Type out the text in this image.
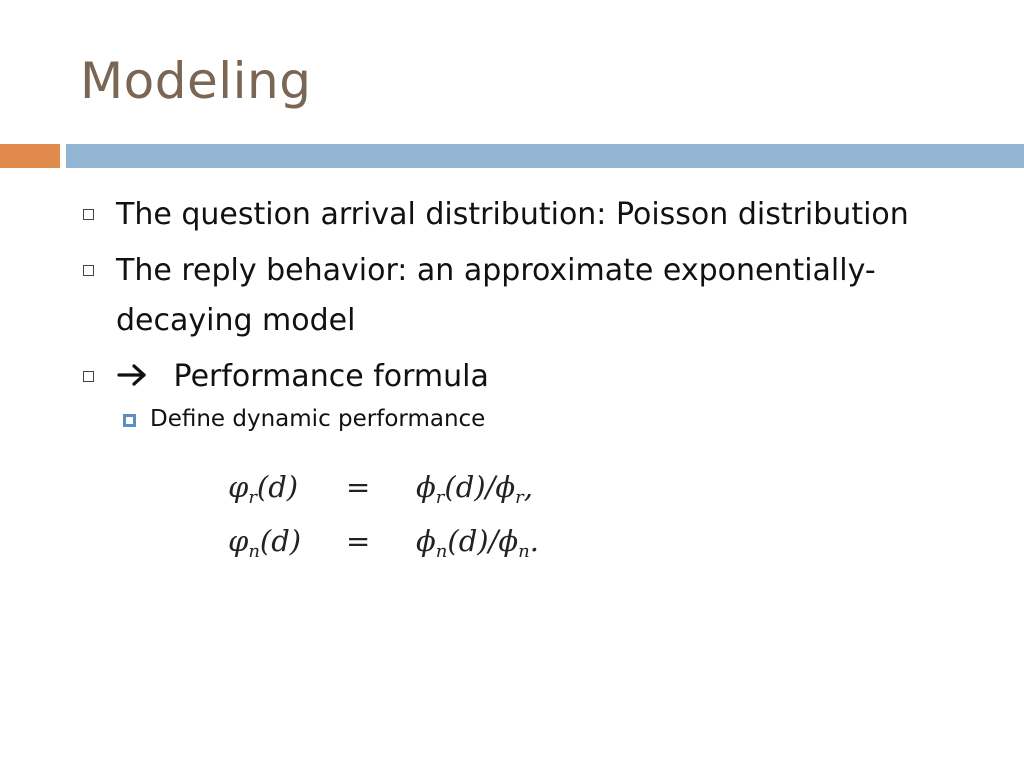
Modeling
The question arrival distribution: Poisson distribution
The reply behavior: an approximate exponentially-decaying model
Performance formula
Define dynamic performance
$\varphi_r(d)$	=	$\phi_r(d)/\phi_r$,
$\varphi_n(d)$	=	$\phi_n(d)/\phi_n$.
